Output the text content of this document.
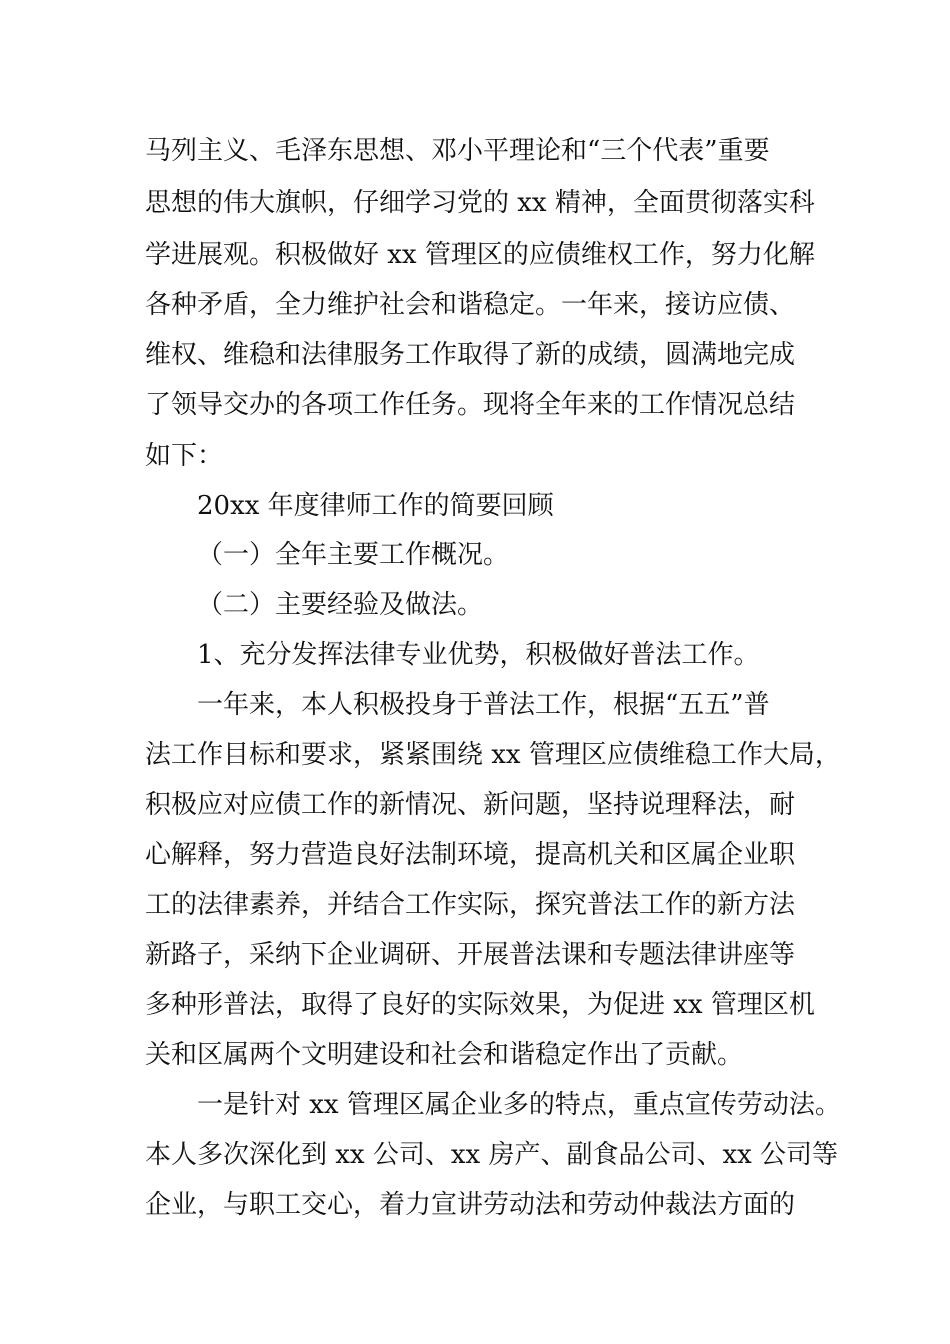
马列主义、毛泽东思想、邓小平理论和“三个代表”重要
思想的伟大旗帜，仔细学习党的 xx 精神，全面贯彻落实科
学进展观。积极做好 xx 管理区的应债维权工作，努力化解
各种矛盾，全力维护社会和谐稳定。一年来，接访应债、
维权、维稳和法律服务工作取得了新的成绩，圆满地完成
了领导交办的各项工作任务。现将全年来的工作情况总结
如下：
20xx 年度律师工作的简要回顾
（一）全年主要工作概况。
（二）主要经验及做法。
1、充分发挥法律专业优势，积极做好普法工作。
一年来，本人积极投身于普法工作，根据“五五”普
法工作目标和要求，紧紧围绕 xx 管理区应债维稳工作大局，
积极应对应债工作的新情况、新问题，坚持说理释法，耐
心解释，努力营造良好法制环境，提高机关和区属企业职
工的法律素养，并结合工作实际，探究普法工作的新方法
新路子，采纳下企业调研、开展普法课和专题法律讲座等
多种形普法，取得了良好的实际效果，为促进 xx 管理区机
关和区属两个文明建设和社会和谐稳定作出了贡献。
一是针对 xx 管理区属企业多的特点，重点宣传劳动法。
本人多次深化到 xx 公司、xx 房产、副食品公司、xx 公司等
企业，与职工交心，着力宣讲劳动法和劳动仲裁法方面的
